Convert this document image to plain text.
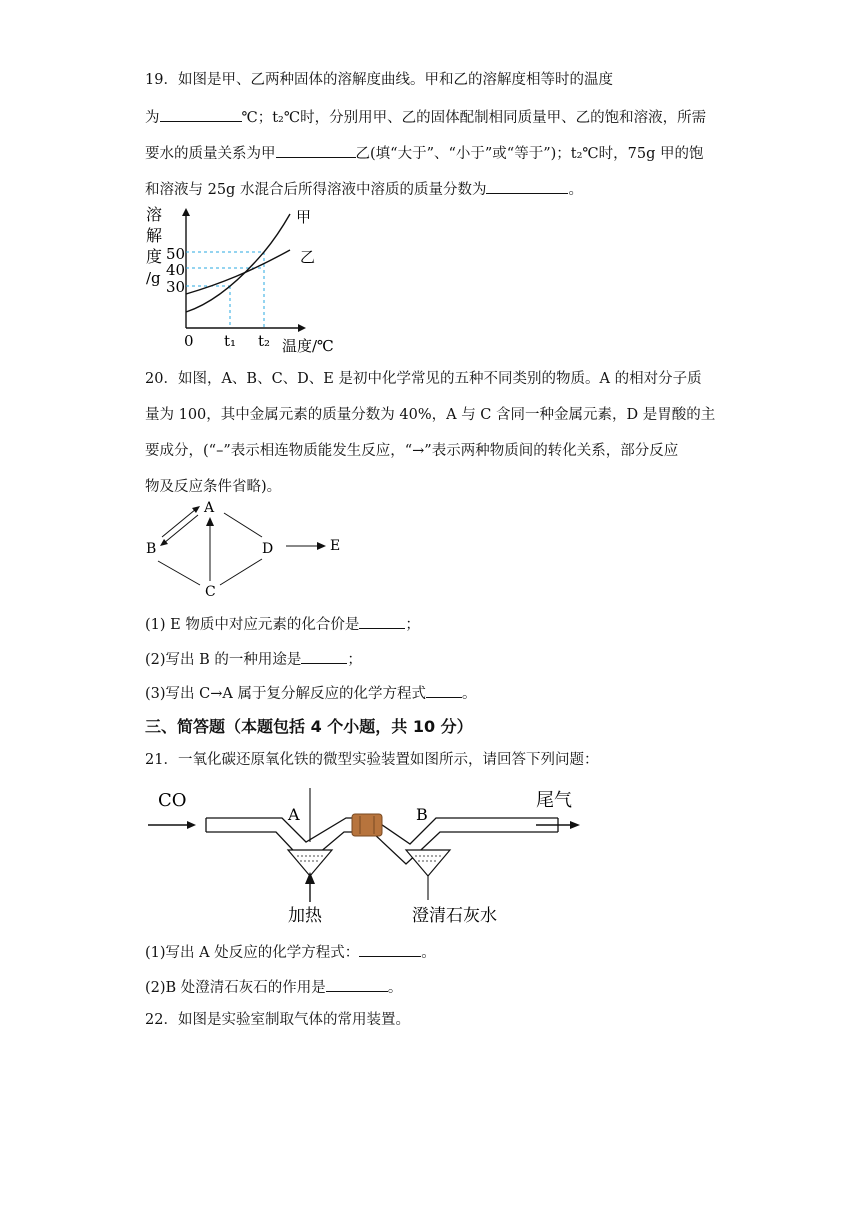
19．如图是甲、乙两种固体的溶解度曲线。甲和乙的溶解度相等时的温度
为	℃；t₂℃时，分别用甲、乙的固体配制相同质量甲、乙的饱和溶液，所需
要水的质量关系为甲	乙(填“大于”、“小于”或“等于”)；t₂℃时，75g 甲的饱
和溶液与 25g 水混合后所得溶液中溶质的质量分数为	。
溶
解
度
/g
50
40
30
甲
乙
0 t₁ t₂ 温度/℃
20．如图，A、B、C、D、E 是初中化学常见的五种不同类别的物质。A 的相对分子质
量为 100，其中金属元素的质量分数为 40%，A 与 C 含同一种金属元素，D 是胃酸的主
要成分，(“–”表示相连物质能发生反应，“→”表示两种物质间的转化关系，部分反应
物及反应条件省略)。
A
B
C
D	E
(1) E 物质中对应元素的化合价是	；
(2)写出 B 的一种用途是	；
(3)写出 C→A 属于复分解反应的化学方程式 。
三、简答题（本题包括 4 个小题，共 10 分）
21．一氧化碳还原氧化铁的微型实验装置如图所示，请回答下列问题：
CO
A
加热
B
澄清石灰水
尾气
(1)写出 A 处反应的化学方程式：	。
(2)B 处澄清石灰石的作用是	。
22．如图是实验室制取气体的常用装置。
